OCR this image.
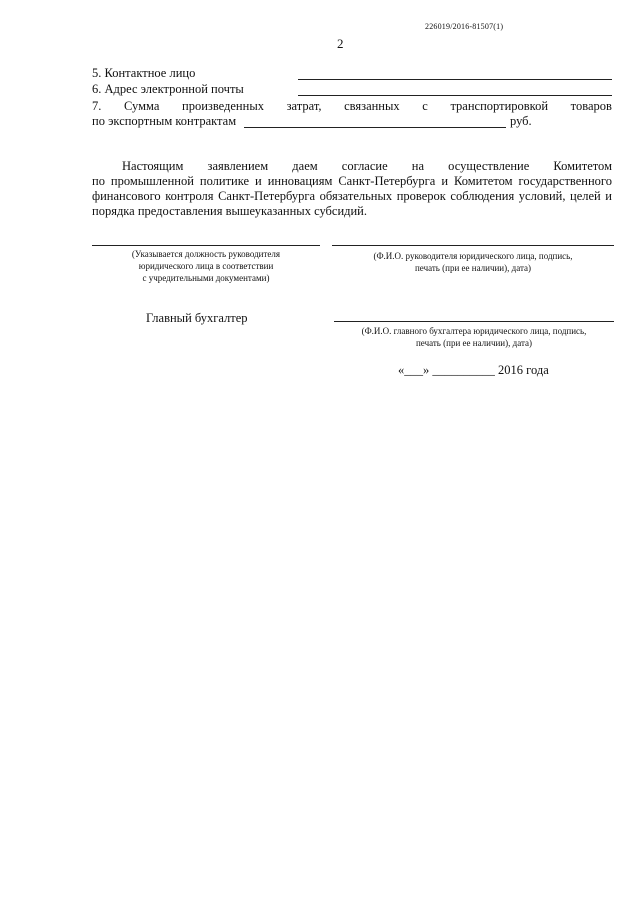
226019/2016-81507(1)
2
5. Контактное лицо
6. Адрес электронной почты
7. Сумма произведенных затрат, связанных с транспортировкой товаров
по экспортным контрактам	руб.
Настоящим заявлением даем согласие на осуществление Комитетом
по промышленной политике и инновациям Санкт-Петербурга и Комитетом государственного финансового контроля Санкт-Петербурга обязательных проверок соблюдения условий, целей и порядка предоставления вышеуказанных субсидий.
(Указывается должность руководителя
юридического лица в соответствии
с учредительными документами)
(Ф.И.О. руководителя юридического лица, подпись,
печать (при ее наличии), дата)
Главный бухгалтер
(Ф.И.О. главного бухгалтера юридического лица, подпись,
печать (при ее наличии), дата)
«___» __________ 2016 года
